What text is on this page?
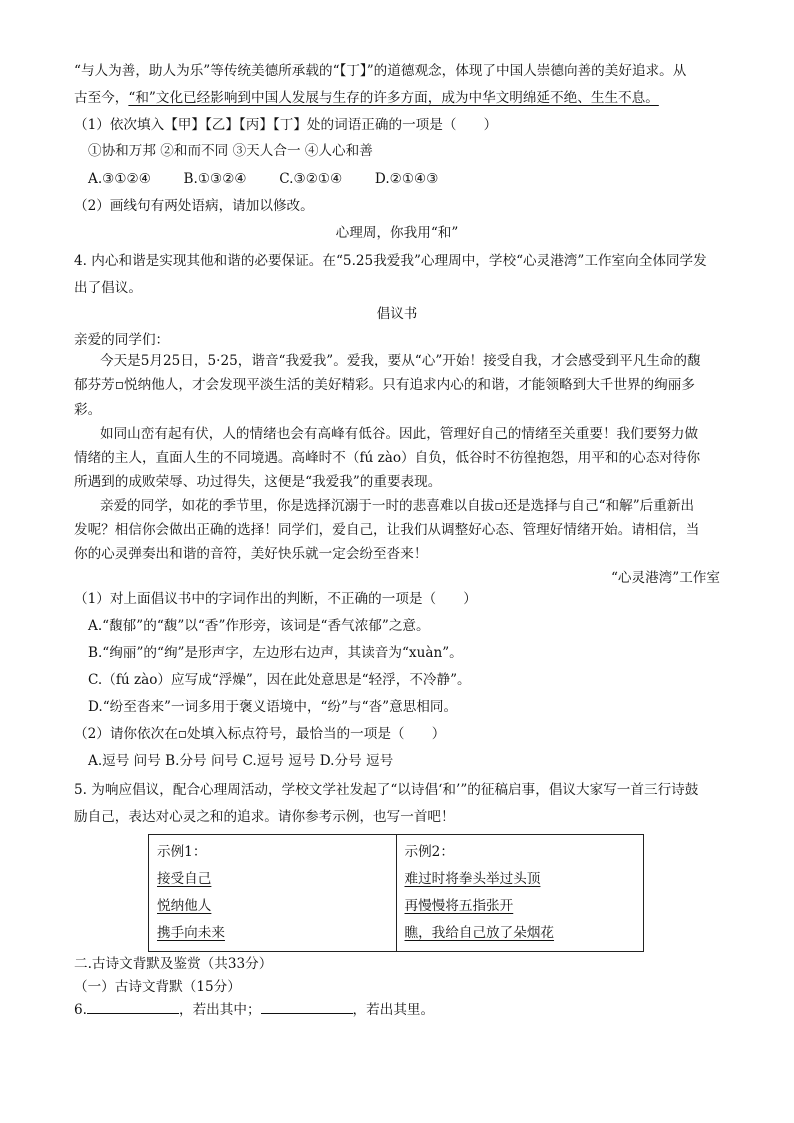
“与人为善，助人为乐”等传统美德所承载的“【丁】”的道德观念，体现了中国人崇德向善的美好追求。从
古至今，“和”文化已经影响到中国人发展与生存的许多方面，成为中华文明绵延不绝、生生不息。
（1）依次填入【甲】【乙】【丙】【丁】处的词语正确的一项是（　　）
①协和万邦 ②和而不同 ③天人合一 ④人心和善
A.③①②④ B.①③②④ C.③②①④ D.②①④③
（2）画线句有两处语病，请加以修改。
心理周，你我用“和”
4. 内心和谐是实现其他和谐的必要保证。在“5.25我爱我”心理周中，学校“心灵港湾”工作室向全体同学发
出了倡议。
倡议书
亲爱的同学们：
今天是5月25日，5·25，谐音“我爱我”。爱我，要从“心”开始！接受自我，才会感受到平凡生命的馥
郁芬芳▫悦纳他人，才会发现平淡生活的美好精彩。只有追求内心的和谐，才能领略到大千世界的绚丽多
彩。
如同山峦有起有伏，人的情绪也会有高峰有低谷。因此，管理好自己的情绪至关重要！我们要努力做
情绪的主人，直面人生的不同境遇。高峰时不（fú zào）自负，低谷时不彷徨抱怨，用平和的心态对待你
所遇到的成败荣辱、功过得失，这便是“我爱我”的重要表现。
亲爱的同学，如花的季节里，你是选择沉溺于一时的悲喜难以自拔▫还是选择与自己“和解”后重新出
发呢？相信你会做出正确的选择！同学们，爱自己，让我们从调整好心态、管理好情绪开始。请相信，当
你的心灵弹奏出和谐的音符，美好快乐就一定会纷至沓来！
“心灵港湾”工作室
（1）对上面倡议书中的字词作出的判断，不正确的一项是（　　）
A.“馥郁”的“馥”以“香”作形旁，该词是“香气浓郁”之意。
B.“绚丽”的“绚”是形声字，左边形右边声，其读音为“xuàn”。
C.（fú zào）应写成“浮燥”，因在此处意思是“轻浮，不冷静”。
D.“纷至沓来”一词多用于褒义语境中，“纷”与“沓”意思相同。
（2）请你依次在▫处填入标点符号，最恰当的一项是（　　）
A.逗号 问号 B.分号 问号 C.逗号 逗号 D.分号 逗号
5. 为响应倡议，配合心理周活动，学校文学社发起了“以诗倡‘和’”的征稿启事，倡议大家写一首三行诗鼓
励自己，表达对心灵之和的追求。请你参考示例，也写一首吧！
示例1：
接受自己
悦纳他人
携手向未来

示例2：
难过时将拳头举过头顶
再慢慢将五指张开
瞧，我给自己放了朵烟花
二.古诗文背默及鉴赏（共33分）
（一）古诗文背默（15分）
6.	，若出其中；	，若出其里。
